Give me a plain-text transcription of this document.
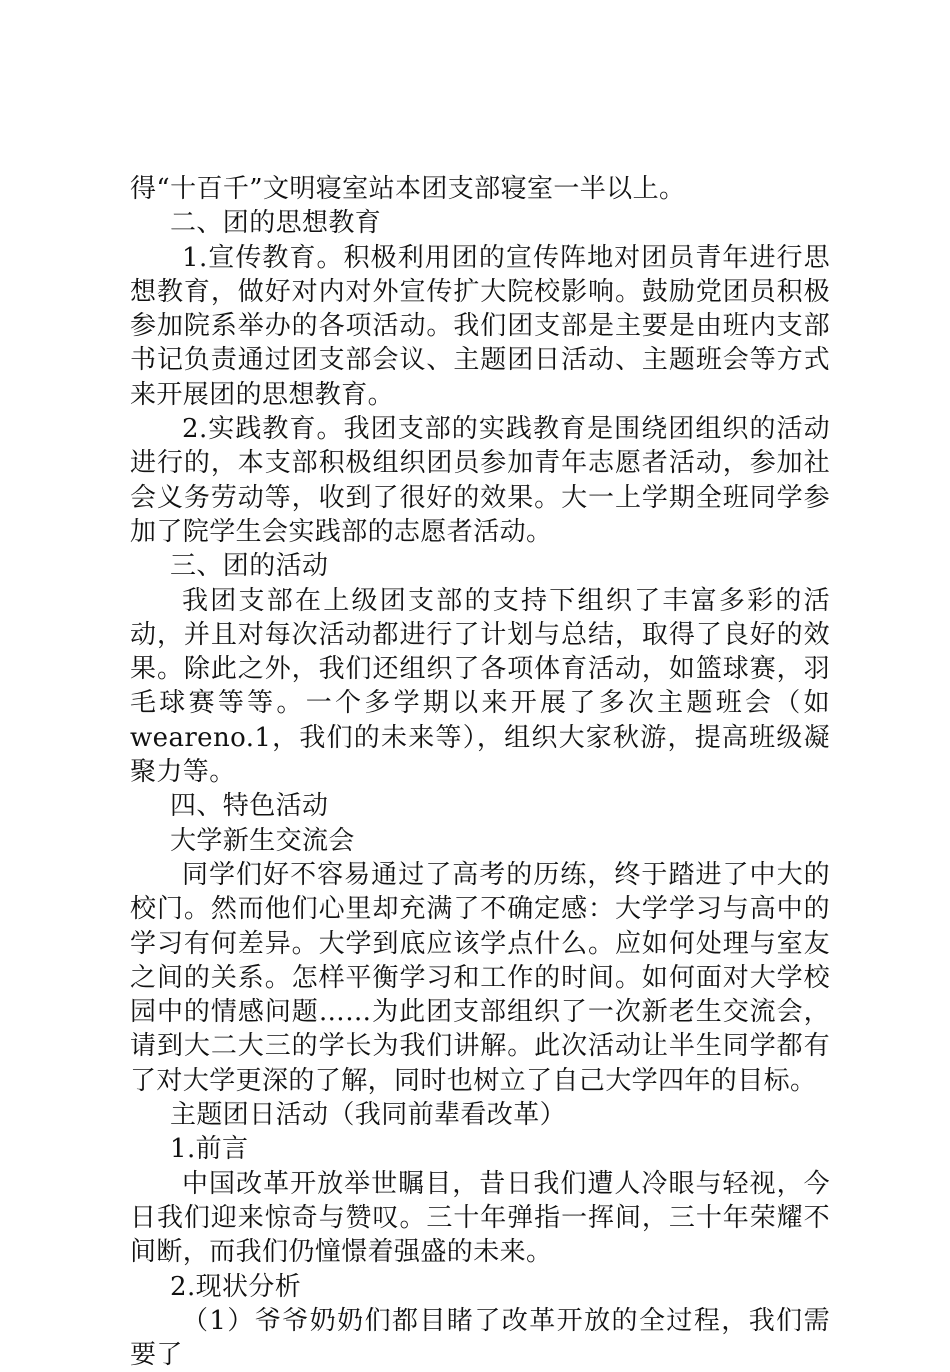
得“十百千”文明寝室站本团支部寝室一半以上。

二、团的思想教育

1.宣传教育。积极利用团的宣传阵地对团员青年进行思想教育，做好对内对外宣传扩大院校影响。鼓励党团员积极参加院系举办的各项活动。我们团支部是主要是由班内支部书记负责通过团支部会议、主题团日活动、主题班会等方式来开展团的思想教育。

2.实践教育。我团支部的实践教育是围绕团组织的活动进行的，本支部积极组织团员参加青年志愿者活动，参加社会义务劳动等，收到了很好的效果。大一上学期全班同学参加了院学生会实践部的志愿者活动。

三、团的活动

我团支部在上级团支部的支持下组织了丰富多彩的活动，并且对每次活动都进行了计划与总结，取得了良好的效果。除此之外，我们还组织了各项体育活动，如篮球赛，羽毛球赛等等。一个多学期以来开展了多次主题班会（如weareno.1，我们的未来等），组织大家秋游，提高班级凝聚力等。

四、特色活动

大学新生交流会

同学们好不容易通过了高考的历练，终于踏进了中大的校门。然而他们心里却充满了不确定感：大学学习与高中的学习有何差异。大学到底应该学点什么。应如何处理与室友之间的关系。怎样平衡学习和工作的时间。如何面对大学校园中的情感问题……为此团支部组织了一次新老生交流会，请到大二大三的学长为我们讲解。此次活动让半生同学都有了对大学更深的了解，同时也树立了自己大学四年的目标。

主题团日活动（我同前辈看改革）

1.前言

中国改革开放举世瞩目，昔日我们遭人冷眼与轻视，今日我们迎来惊奇与赞叹。三十年弹指一挥间，三十年荣耀不间断，而我们仍憧憬着强盛的未来。

2.现状分析

（1）爷爷奶奶们都目睹了改革开放的全过程，我们需要了
